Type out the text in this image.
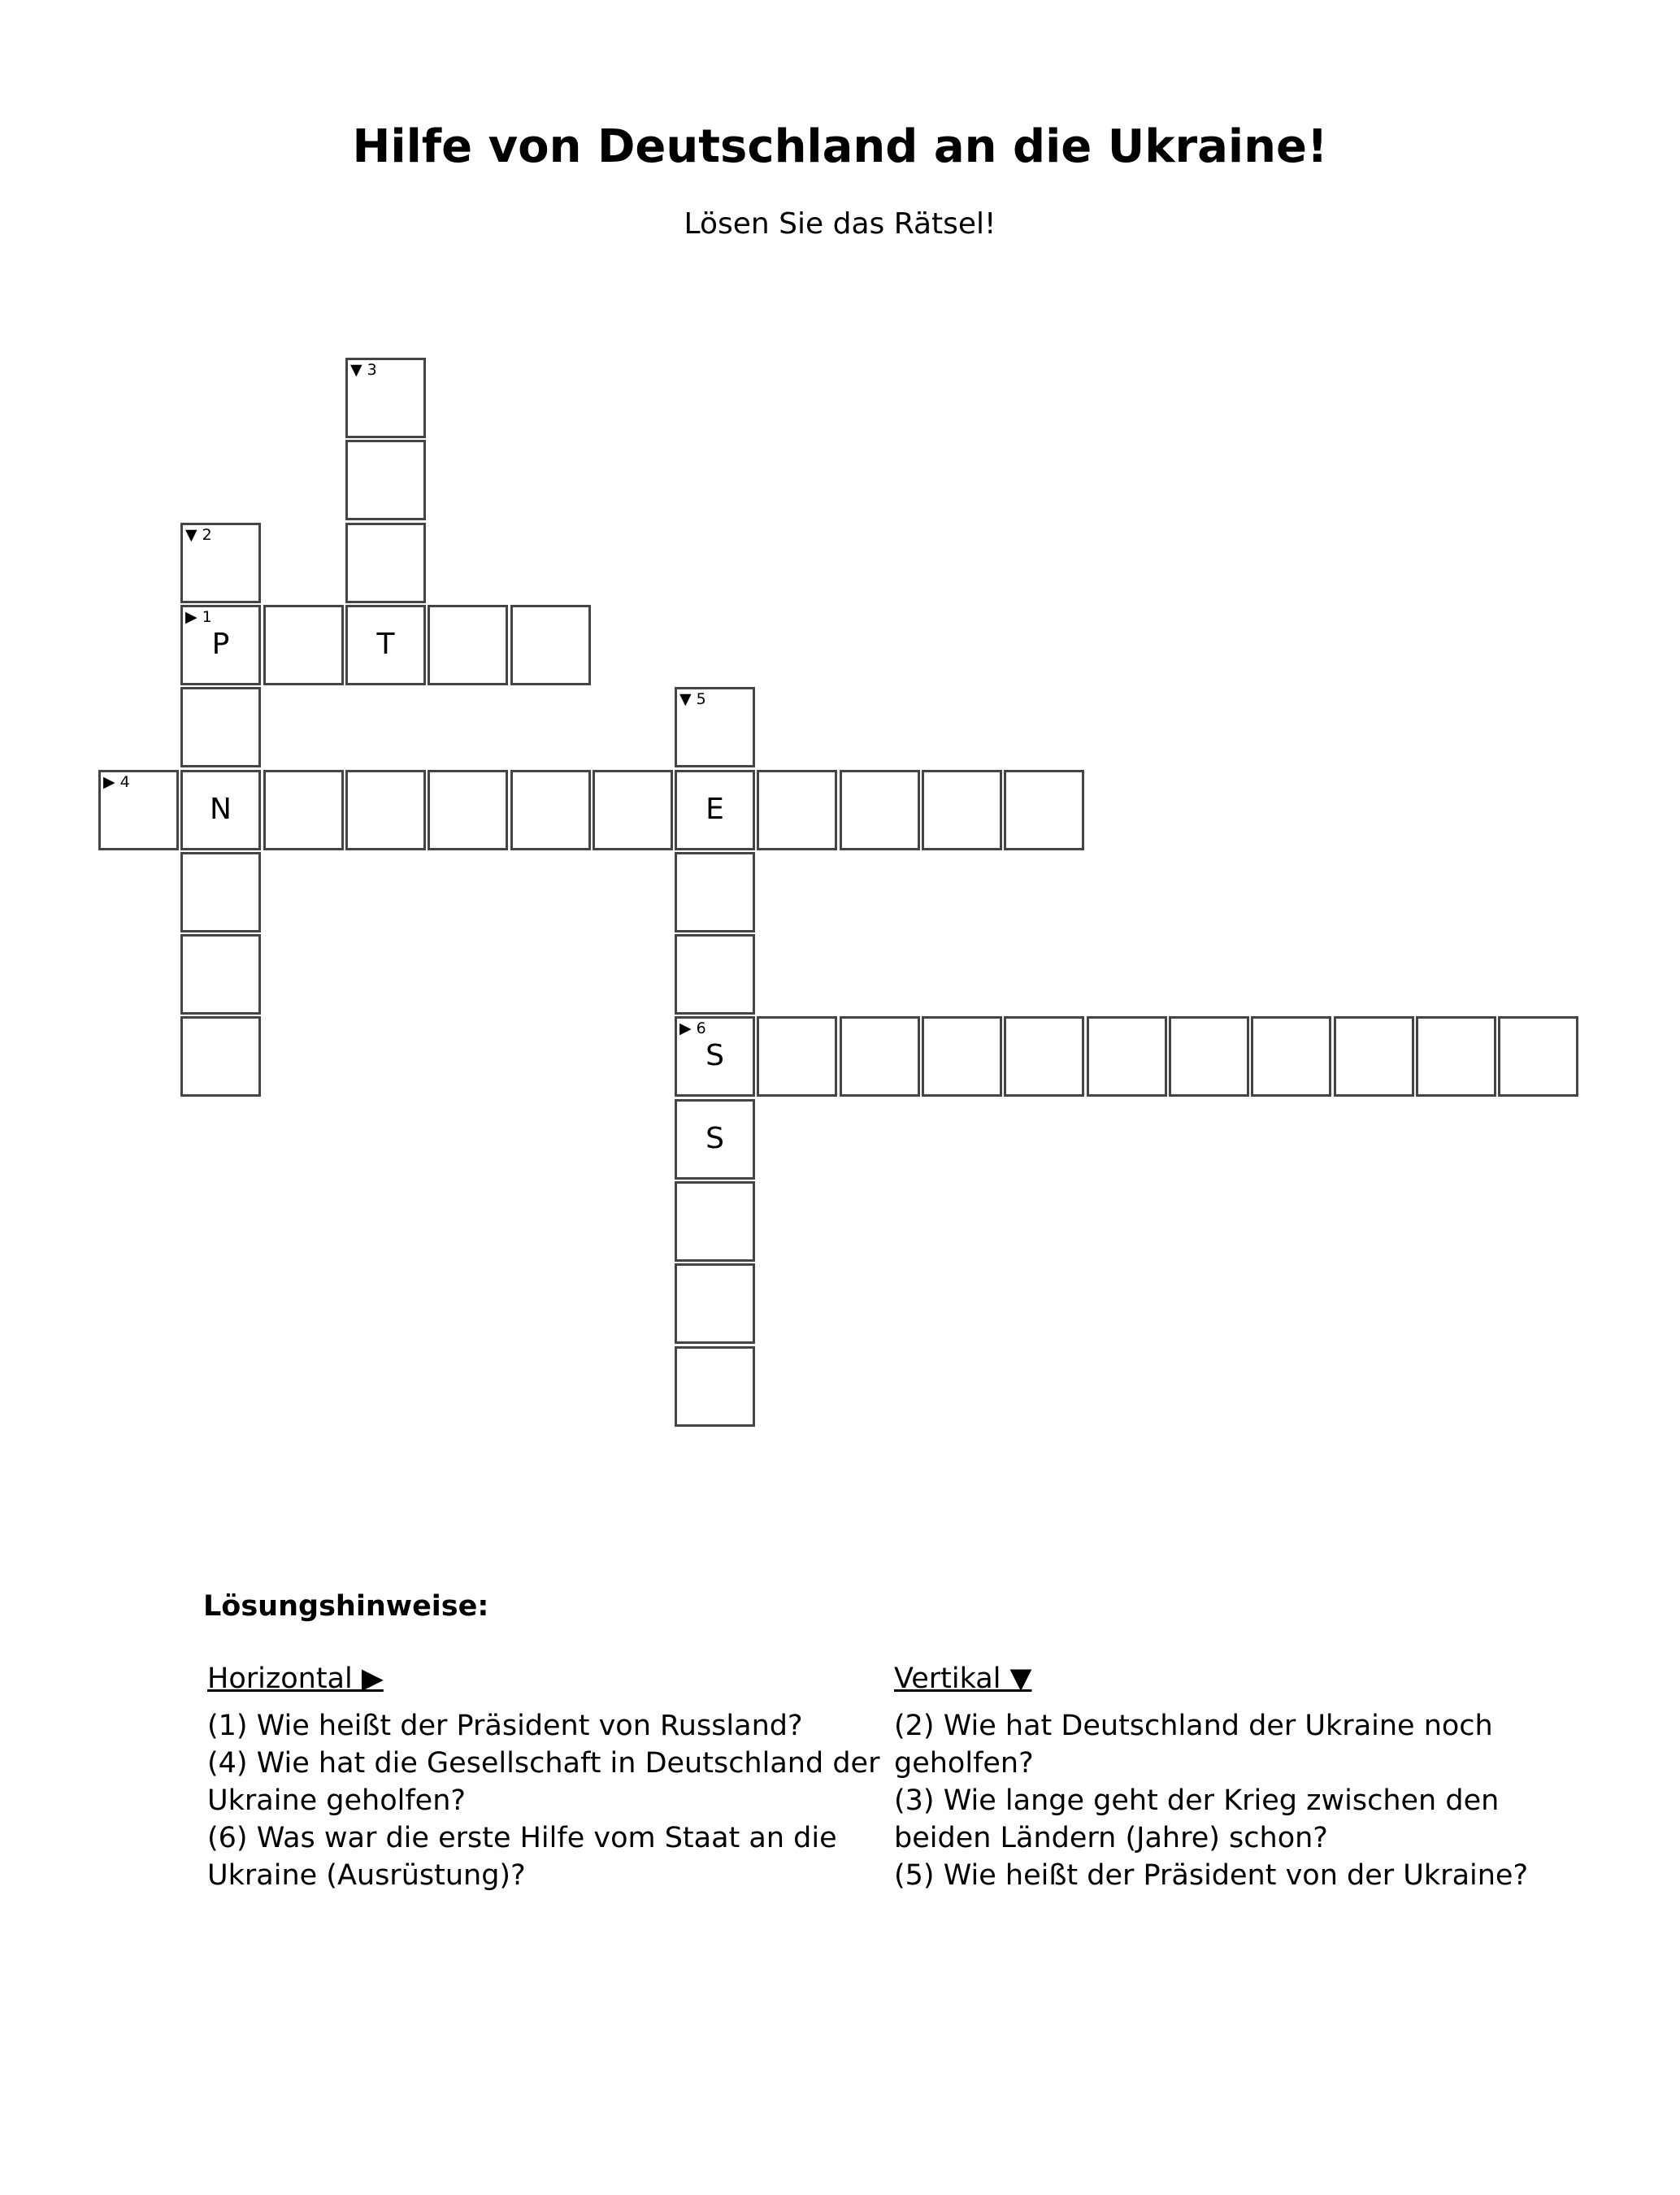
Hilfe von Deutschland an die Ukraine!
Lösen Sie das Rätsel!
▶ 1
P	T
▼ 2
N
▼ 3
▶ 4
E
▼ 5
▶ 6
S
S
Lösungshinweise:
Horizontal ▶

(1) Wie heißt der Präsident von Russland?

(4) Wie hat die Gesellschaft in Deutschland der Ukraine geholfen?

(6) Was war die erste Hilfe vom Staat an die Ukraine (Ausrüstung)?

Vertikal ▼

(2) Wie hat Deutschland der Ukraine noch geholfen?

(3) Wie lange geht der Krieg zwischen den beiden Ländern (Jahre) schon?

(5) Wie heißt der Präsident von der Ukraine?
